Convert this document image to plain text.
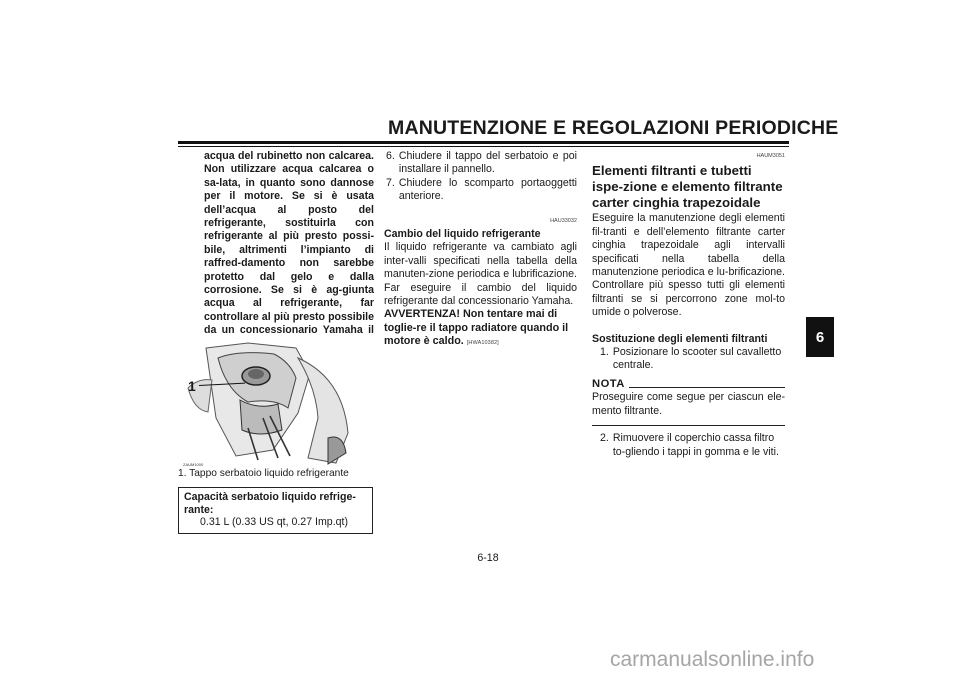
MANUTENZIONE E REGOLAZIONI PERIODICHE
6
acqua del rubinetto non calcarea. Non utilizzare acqua calcarea o sa-lata, in quanto sono dannose per il motore. Se si è usata dell’acqua al posto del refrigerante, sostituirla con refrigerante al più presto possi-bile, altrimenti l’impianto di raffred-damento non sarebbe protetto dal gelo e dalla corrosione. Se si è ag-giunta acqua al refrigerante, far controllare al più presto possibile da un concessionario Yamaha il
1
ZAUM1000
1. Tappo serbatoio liquido refrigerante
Capacità serbatoio liquido refrige-rante:
0.31 L (0.33 US qt, 0.27 Imp.qt)
6. Chiudere il tappo del serbatoio e poi installare il pannello.
7. Chiudere lo scomparto portaoggetti anteriore.
HAU33032
Cambio del liquido refrigerante
Il liquido refrigerante va cambiato agli inter-valli specificati nella tabella della manuten-zione periodica e lubrificazione. Far eseguire il cambio del liquido refrigerante dal concessionario Yamaha.
AVVERTENZA! Non tentare mai di toglie-re il tappo radiatore quando il motore è caldo. [HWA10382]
HAUM3051
Elementi filtranti e tubetti ispe-zione e elemento filtrante carter cinghia trapezoidale
Eseguire la manutenzione degli elementi fil-tranti e dell’elemento filtrante carter cinghia trapezoidale agli intervalli specificati nella tabella della manutenzione periodica e lu-brificazione. Controllare più spesso tutti gli elementi filtranti se si percorrono zone mol-to umide o polverose.
Sostituzione degli elementi filtranti
1. Posizionare lo scooter sul cavalletto centrale.
NOTA
Proseguire come segue per ciascun ele-mento filtrante.
2. Rimuovere il coperchio cassa filtro to-gliendo i tappi in gomma e le viti.
6-18
carmanualsonline.info
